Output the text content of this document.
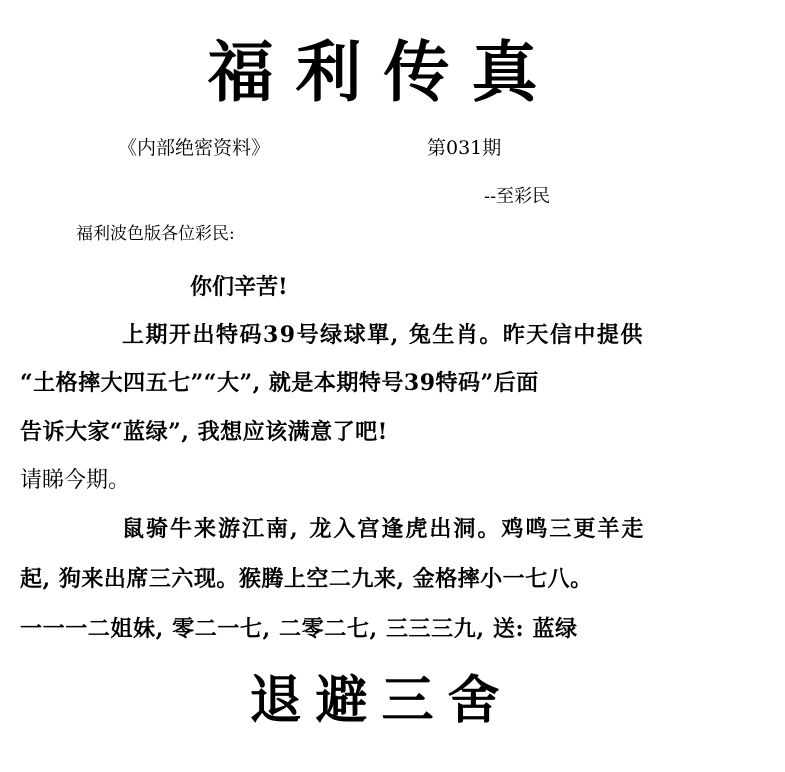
福利传真
《内部绝密资料》	第031期
--至彩民
福利波色版各位彩民:
你们辛苦!
上期开出特码39号绿球單, 兔生肖。昨天信中提供
“土格摔大四五七”“大”, 就是本期特号39特码”后面
告诉大家“蓝绿”, 我想应该满意了吧!
请睇今期。
鼠骑牛来游江南, 龙入宫逢虎出洞。鸡鸣三更羊走
起, 狗来出席三六现。猴腾上空二九来, 金格摔小一七八。
一一一二姐妹, 零二一七, 二零二七, 三三三九, 送: 蓝绿
退避三舍
